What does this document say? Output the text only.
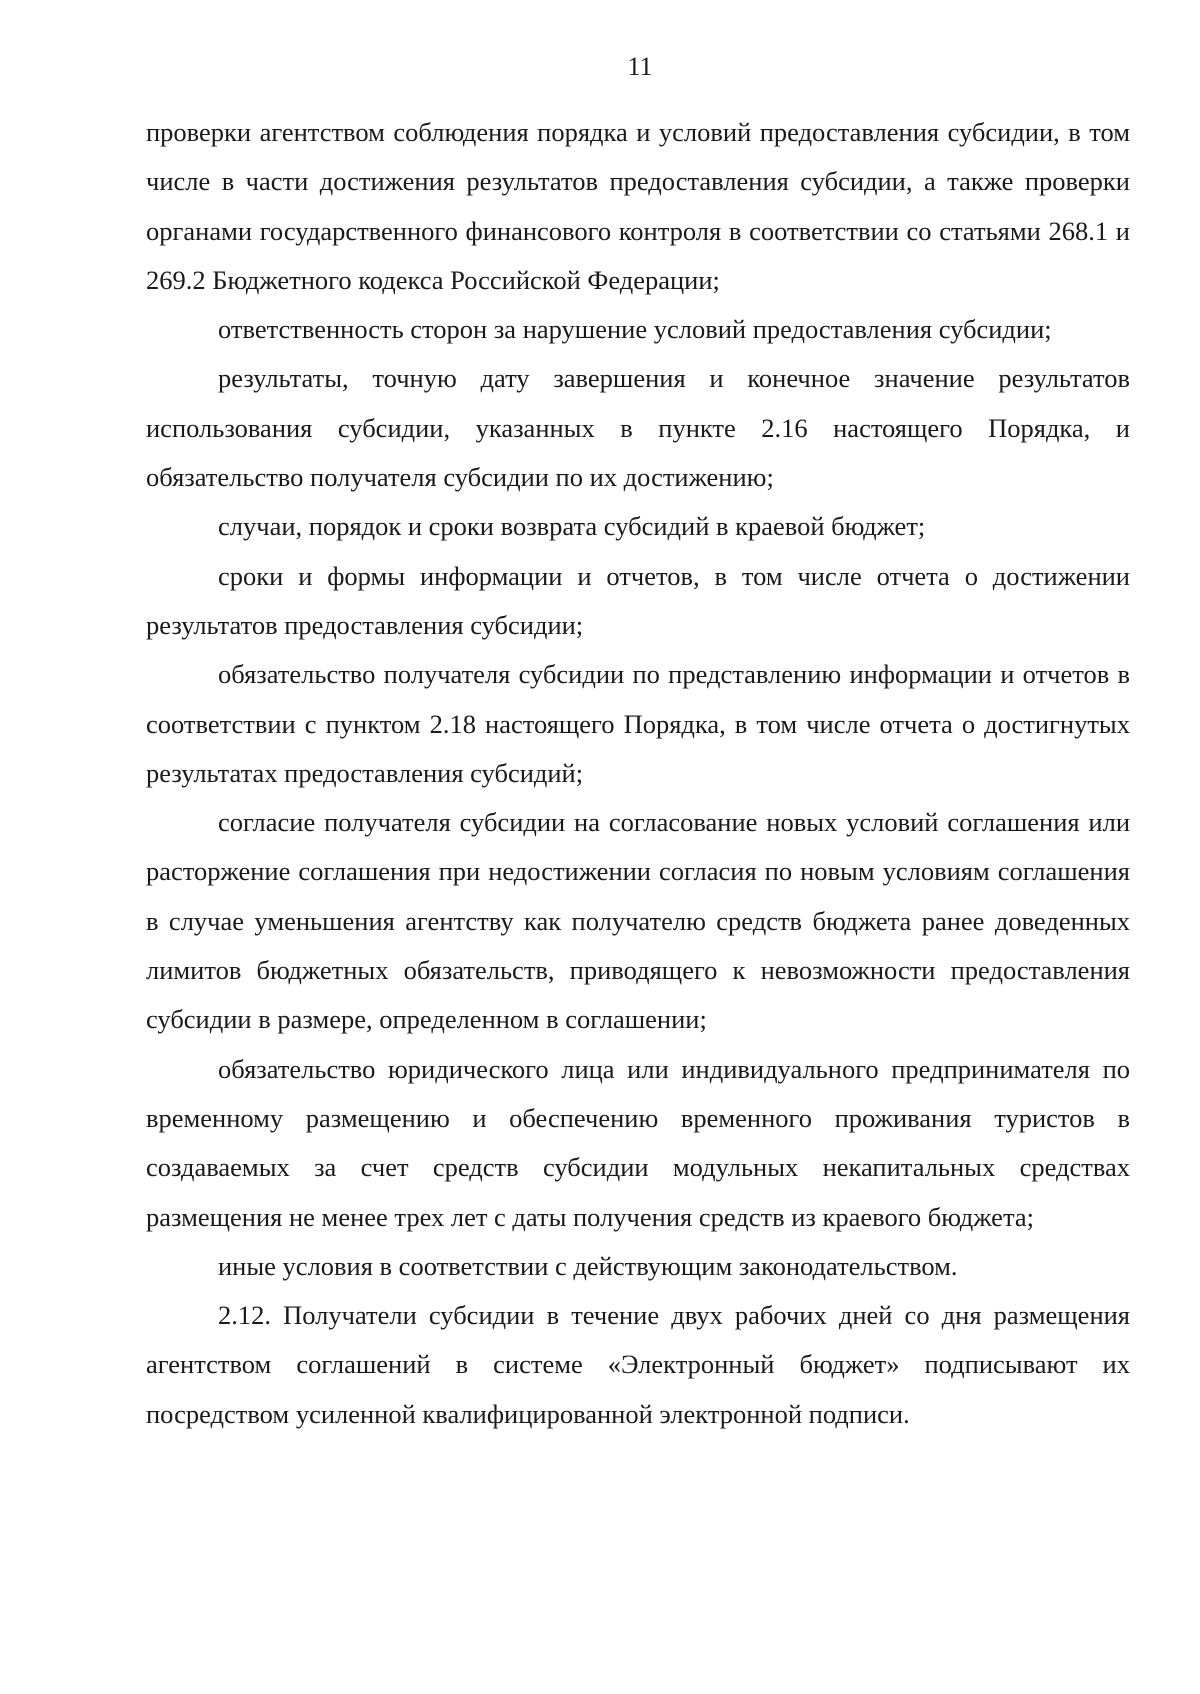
11

проверки агентством соблюдения порядка и условий предоставления субсидии, в том числе в части достижения результатов предоставления субсидии, а также проверки органами государственного финансового контроля в соответствии со статьями 268.1 и 269.2 Бюджетного кодекса Российской Федерации;

ответственность сторон за нарушение условий предоставления субсидии;

результаты, точную дату завершения и конечное значение результатов использования субсидии, указанных в пункте 2.16 настоящего Порядка, и обязательство получателя субсидии по их достижению;

случаи, порядок и сроки возврата субсидий в краевой бюджет;

сроки и формы информации и отчетов, в том числе отчета о достижении результатов предоставления субсидии;

обязательство получателя субсидии по представлению информации и отчетов в соответствии с пунктом 2.18 настоящего Порядка, в том числе отчета о достигнутых результатах предоставления субсидий;

согласие получателя субсидии на согласование новых условий соглашения или расторжение соглашения при недостижении согласия по новым условиям соглашения в случае уменьшения агентству как получателю средств бюджета ранее доведенных лимитов бюджетных обязательств, приводящего к невозможности предоставления субсидии в размере, определенном в соглашении;

обязательство юридического лица или индивидуального предпринимателя по временному размещению и обеспечению временного проживания туристов в создаваемых за счет средств субсидии модульных некапитальных средствах размещения не менее трех лет с даты получения средств из краевого бюджета;

иные условия в соответствии с действующим законодательством.

2.12. Получатели субсидии в течение двух рабочих дней со дня размещения агентством соглашений в системе «Электронный бюджет» подписывают их посредством усиленной квалифицированной электронной подписи.
